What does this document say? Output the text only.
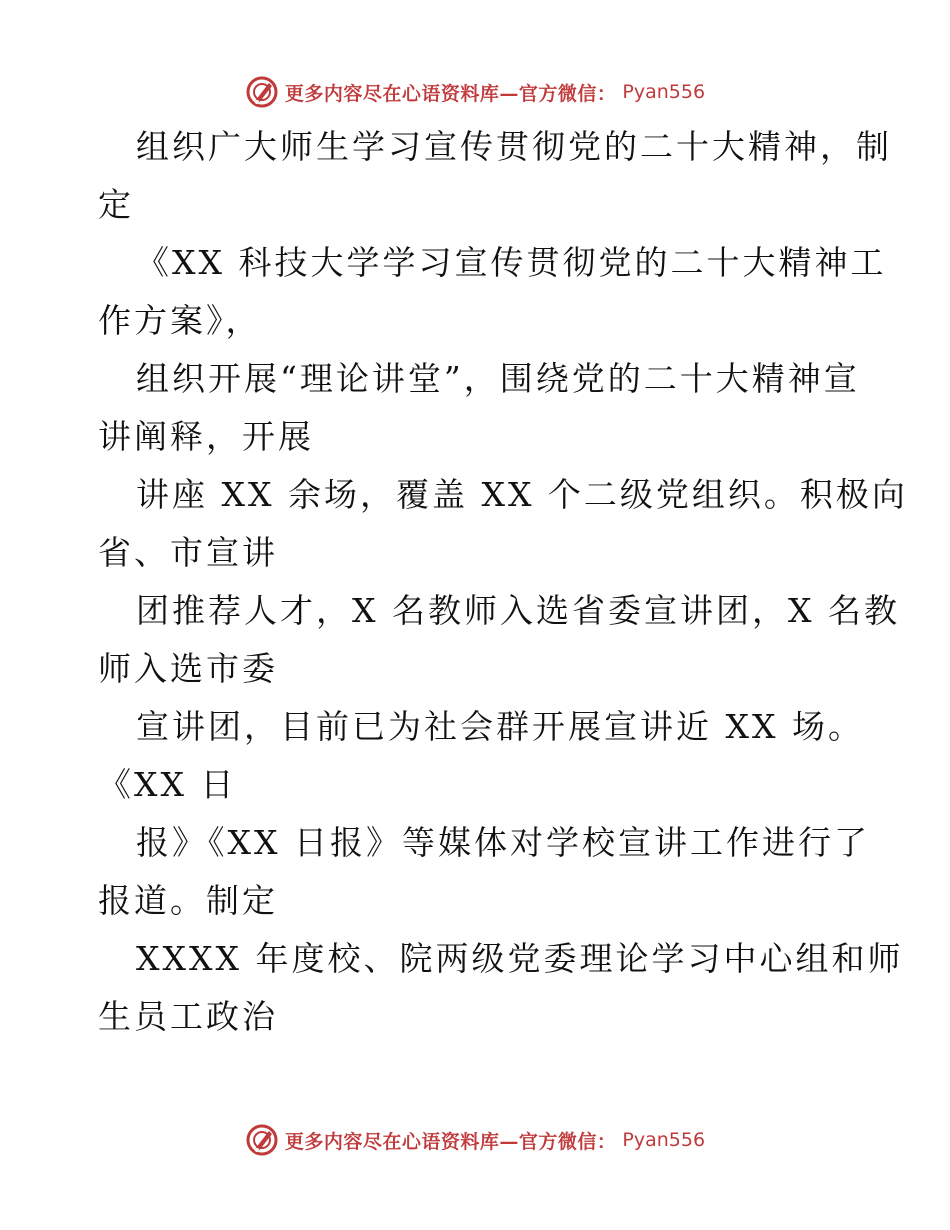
更多内容尽在心语资料库—官方微信： Pyan556
组织广大师生学习宣传贯彻党的二十大精神，制
定
《XX 科技大学学习宣传贯彻党的二十大精神工
作方案》，
组织开展“理论讲堂”，围绕党的二十大精神宣
讲阐释，开展
讲座 XX 余场，覆盖 XX 个二级党组织。积极向
省、市宣讲
团推荐人才，X 名教师入选省委宣讲团，X 名教
师入选市委
宣讲团，目前已为社会群开展宣讲近 XX 场。
《XX 日
报》《XX 日报》等媒体对学校宣讲工作进行了
报道。制定
XXXX 年度校、院两级党委理论学习中心组和师
生员工政治
更多内容尽在心语资料库—官方微信： Pyan556
